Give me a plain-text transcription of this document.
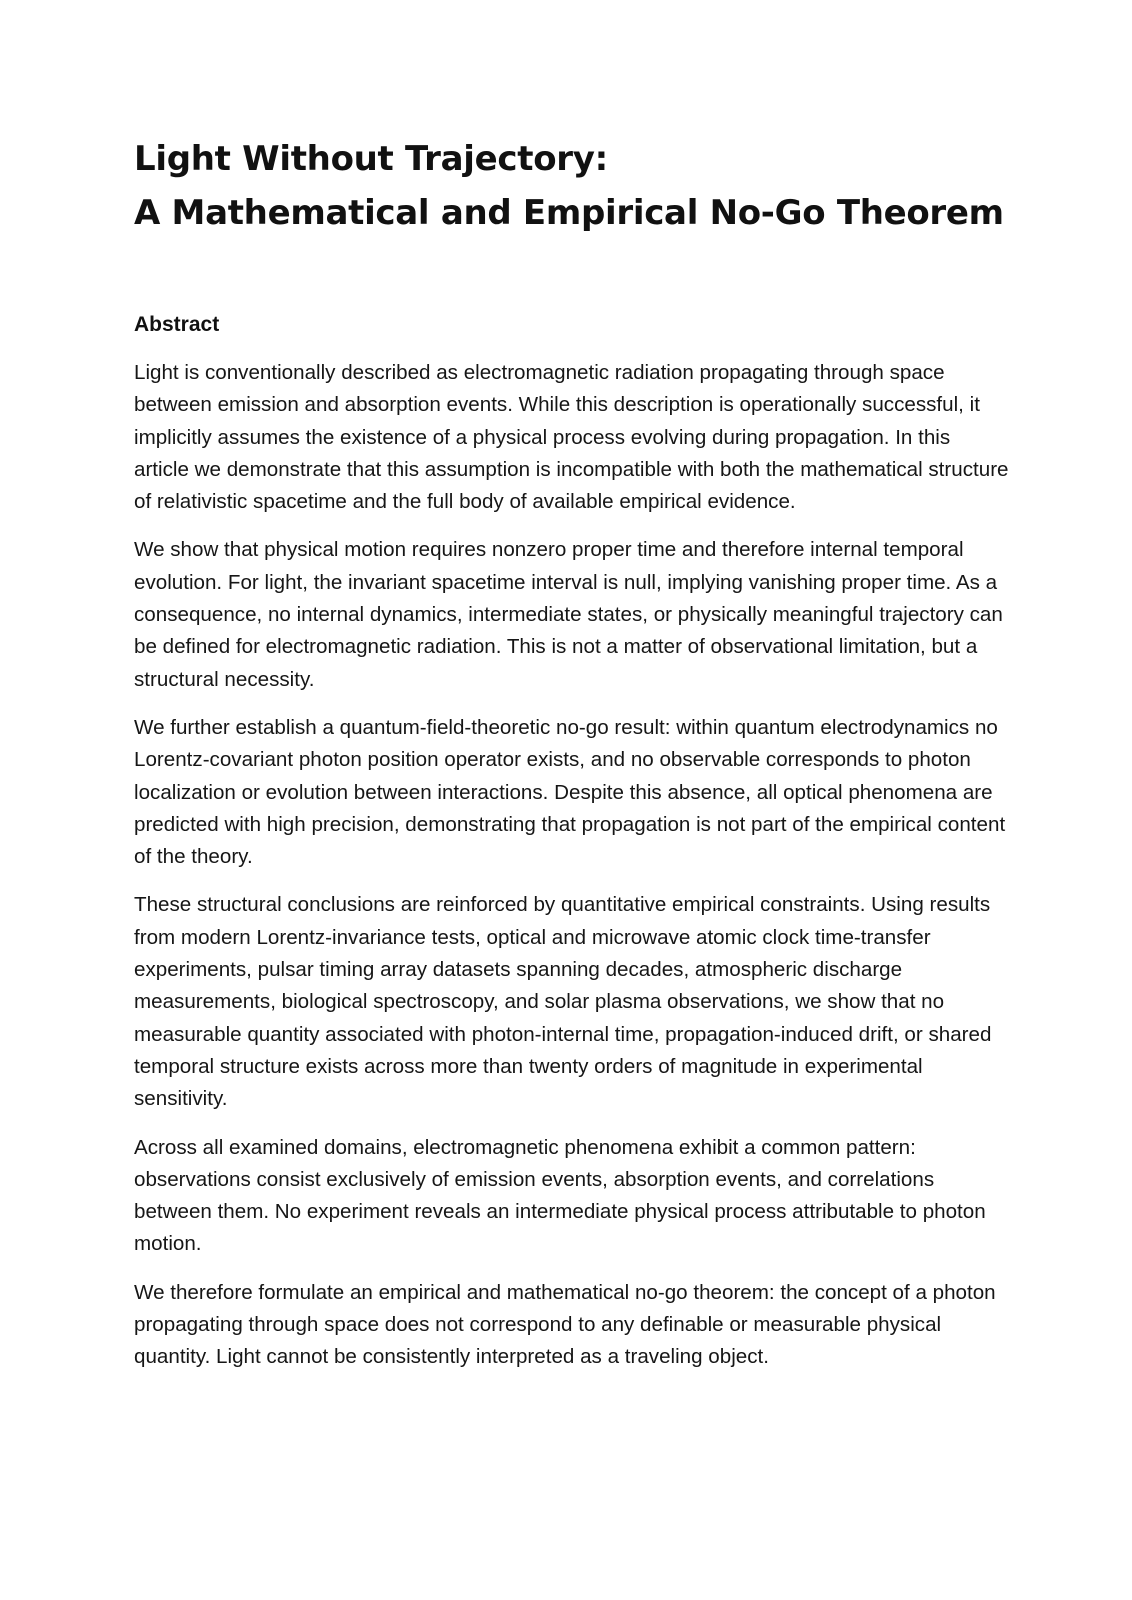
Light Without Trajectory:
A Mathematical and Empirical No-Go Theorem
Abstract

Light is conventionally described as electromagnetic radiation propagating through space between emission and absorption events. While this description is operationally successful, it implicitly assumes the existence of a physical process evolving during propagation. In this article we demonstrate that this assumption is incompatible with both the mathematical structure of relativistic spacetime and the full body of available empirical evidence.

We show that physical motion requires nonzero proper time and therefore internal temporal evolution. For light, the invariant spacetime interval is null, implying vanishing proper time. As a consequence, no internal dynamics, intermediate states, or physically meaningful trajectory can be defined for electromagnetic radiation. This is not a matter of observational limitation, but a structural necessity.

We further establish a quantum-field-theoretic no-go result: within quantum electrodynamics no Lorentz-covariant photon position operator exists, and no observable corresponds to photon localization or evolution between interactions. Despite this absence, all optical phenomena are predicted with high precision, demonstrating that propagation is not part of the empirical content of the theory.

These structural conclusions are reinforced by quantitative empirical constraints. Using results from modern Lorentz-invariance tests, optical and microwave atomic clock time-transfer experiments, pulsar timing array datasets spanning decades, atmospheric discharge measurements, biological spectroscopy, and solar plasma observations, we show that no measurable quantity associated with photon-internal time, propagation-induced drift, or shared temporal structure exists across more than twenty orders of magnitude in experimental sensitivity.

Across all examined domains, electromagnetic phenomena exhibit a common pattern: observations consist exclusively of emission events, absorption events, and correlations between them. No experiment reveals an intermediate physical process attributable to photon motion.

We therefore formulate an empirical and mathematical no-go theorem: the concept of a photon propagating through space does not correspond to any definable or measurable physical quantity. Light cannot be consistently interpreted as a traveling object.
